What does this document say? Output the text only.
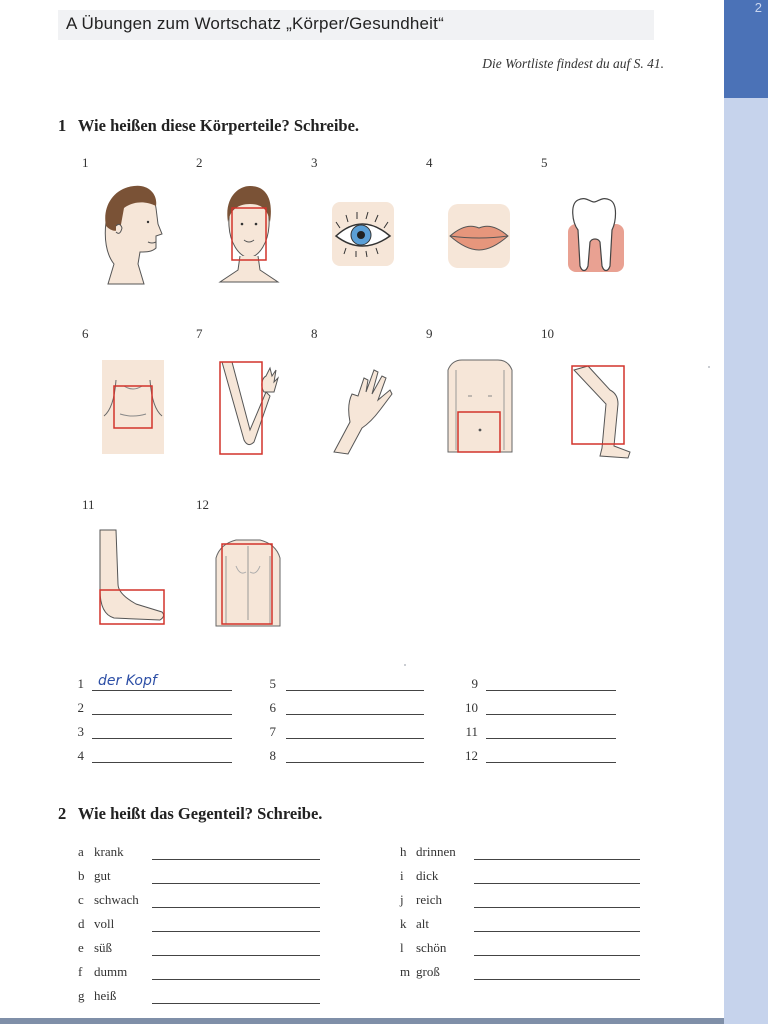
2
A Übungen zum Wortschatz „Körper/Gesundheit“
Die Wortliste findest du auf S. 41.
1 Wie heißen diese Körperteile? Schreibe.
1	2	3	4	5
6	7	8	9	10
11	12
1 der Kopf
2
3
4
5
6
7
8
9
10
11
12
2 Wie heißt das Gegenteil? Schreibe.
a krank
b gut
c schwach
d voll
e süß
f dumm
g heiß
h drinnen
i dick
j reich
k alt
l schön
m groß
